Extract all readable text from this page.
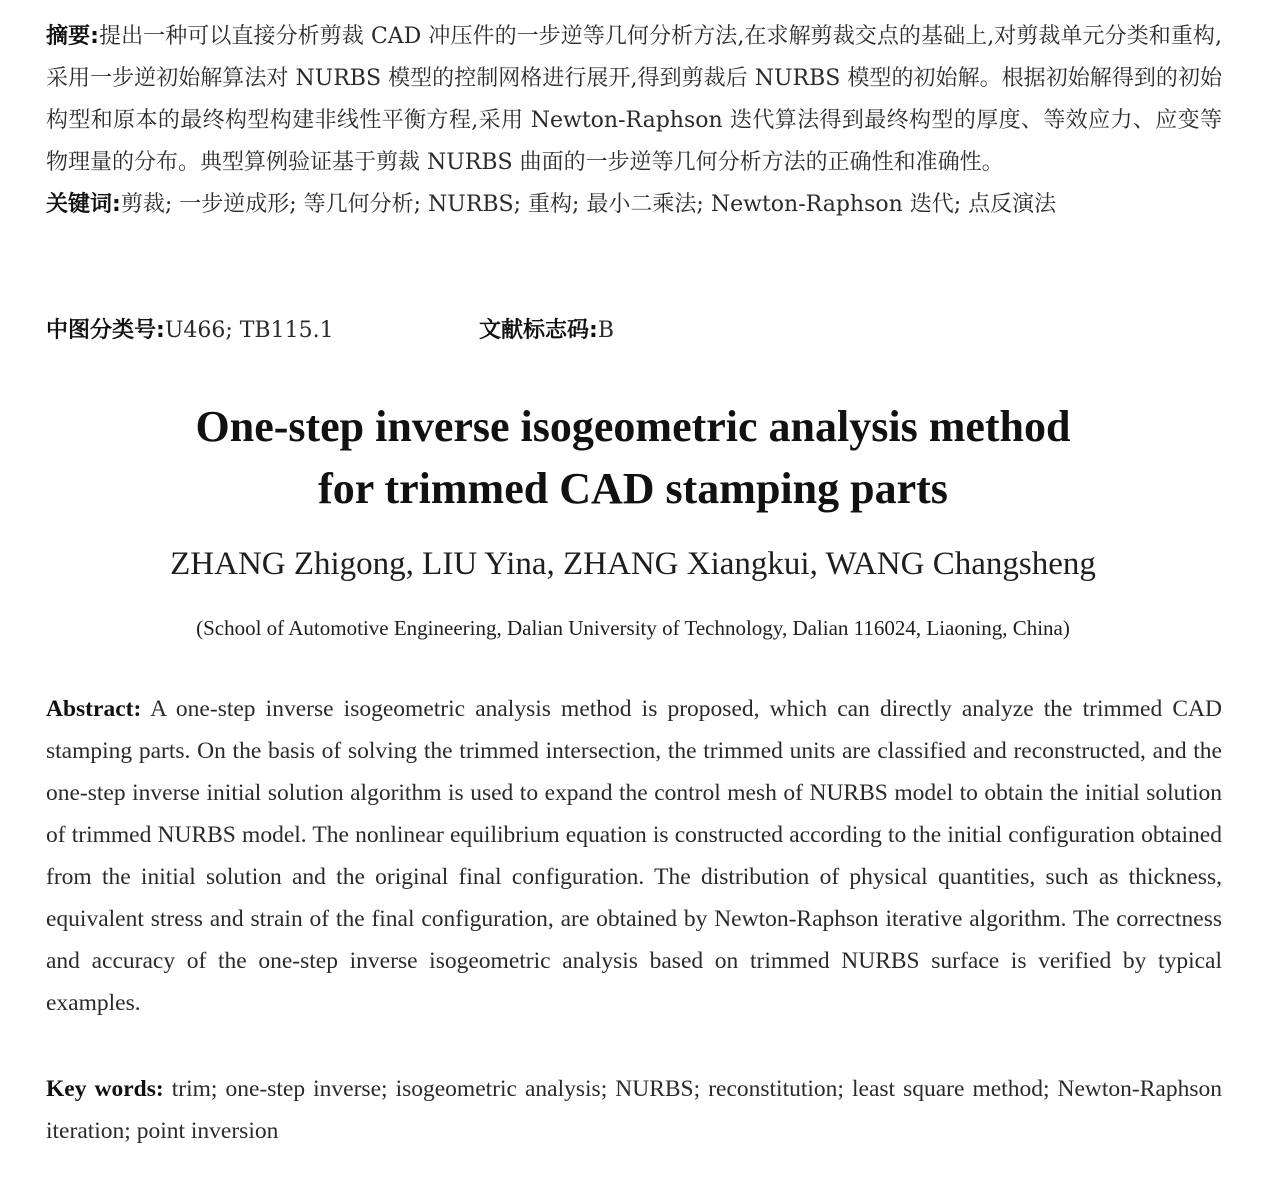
摘要:提出一种可以直接分析剪裁 CAD 冲压件的一步逆等几何分析方法,在求解剪裁交点的基础上,对剪裁单元分类和重构,采用一步逆初始解算法对 NURBS 模型的控制网格进行展开,得到剪裁后 NURBS 模型的初始解。根据初始解得到的初始构型和原本的最终构型构建非线性平衡方程,采用 Newton-Raphson 迭代算法得到最终构型的厚度、等效应力、应变等物理量的分布。典型算例验证基于剪裁 NURBS 曲面的一步逆等几何分析方法的正确性和准确性。
关键词:剪裁; 一步逆成形; 等几何分析; NURBS; 重构; 最小二乘法; Newton-Raphson 迭代; 点反演法
中图分类号:U466; TB115.1	文献标志码:B
One-step inverse isogeometric analysis method
for trimmed CAD stamping parts
ZHANG Zhigong, LIU Yina, ZHANG Xiangkui, WANG Changsheng
(School of Automotive Engineering, Dalian University of Technology, Dalian 116024, Liaoning, China)
Abstract: A one-step inverse isogeometric analysis method is proposed, which can directly analyze the trimmed CAD stamping parts. On the basis of solving the trimmed intersection, the trimmed units are classified and reconstructed, and the one-step inverse initial solution algorithm is used to expand the control mesh of NURBS model to obtain the initial solution of trimmed NURBS model. The nonlinear equilibrium equation is constructed according to the initial configuration obtained from the initial solution and the original final configuration. The distribution of physical quantities, such as thickness, equivalent stress and strain of the final configuration, are obtained by Newton-Raphson iterative algorithm. The correctness and accuracy of the one-step inverse isogeometric analysis based on trimmed NURBS surface is verified by typical examples.
Key words: trim; one-step inverse; isogeometric analysis; NURBS; reconstitution; least square method; Newton-Raphson iteration; point inversion
